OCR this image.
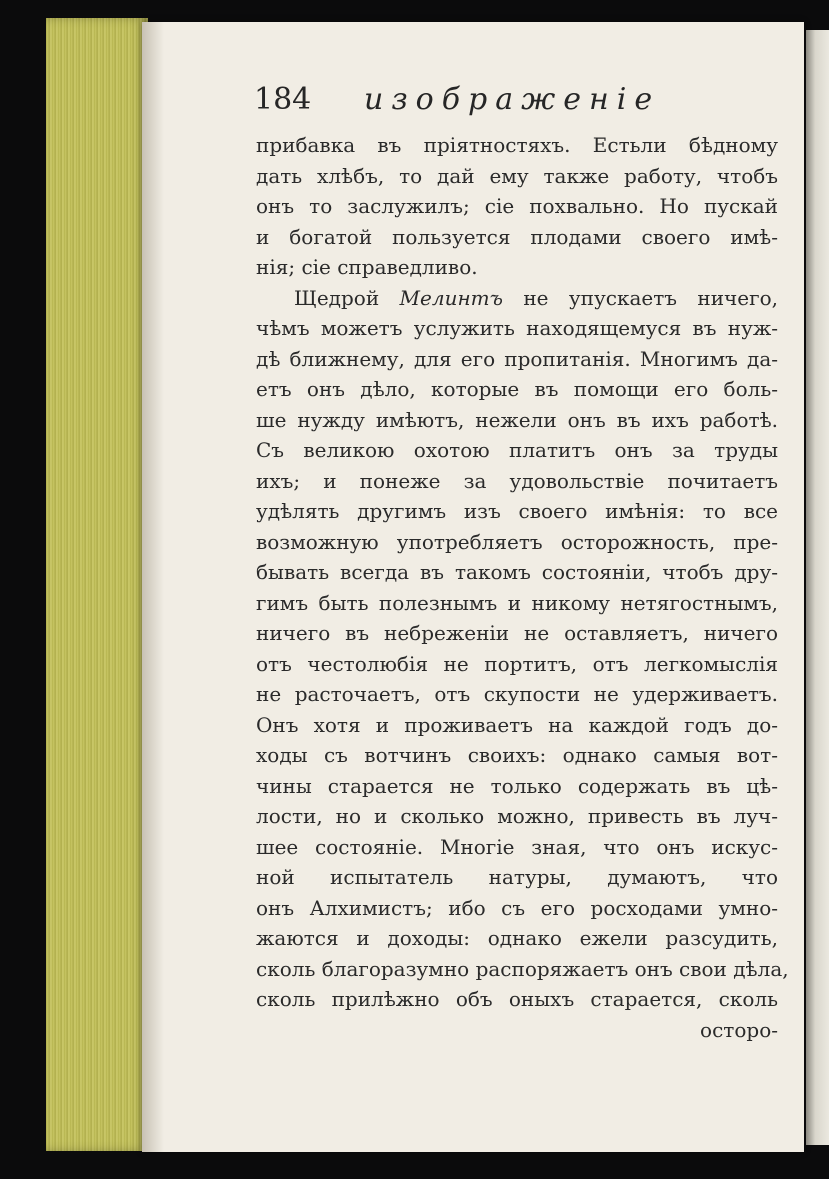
184 изображеніе
прибавка въ пріятностяхъ. Естьли бѣдному
дать хлѣбъ, то дай ему также работу, чтобъ
онъ то заслужилъ; сіе похвально. Но пускай
и богатой пользуется плодами своего имѣ-
нія; сіе справедливо.
Щедрой Мелинтъ не упускаетъ ничего,
чѣмъ можетъ услужить находящемуся въ нуж-
дѣ ближнему, для его пропитанія. Многимъ да-
етъ онъ дѣло, которые въ помощи его боль-
ше нужду имѣютъ, нежели онъ въ ихъ работѣ.
Съ великою охотою платитъ онъ за труды
ихъ; и понеже за удовольствіе почитаетъ
удѣлять другимъ изъ своего имѣнія: то все
возможную употребляетъ осторожность, пре-
бывать всегда въ такомъ состояніи, чтобъ дру-
гимъ быть полезнымъ и никому нетягостнымъ,
ничего въ небреженіи не оставляетъ, ничего
отъ честолюбія не портитъ, отъ легкомыслія
не расточаетъ, отъ скупости не удерживаетъ.
Онъ хотя и проживаетъ на каждой годъ до-
ходы съ вотчинъ своихъ: однако самыя вот-
чины старается не только содержать въ цѣ-
лости, но и сколько можно, привесть въ луч-
шее состояніе. Многіе зная, что онъ искус-
ной испытатель натуры, думаютъ, что
онъ Алхимистъ; ибо съ его росходами умно-
жаются и доходы: однако ежели разсудить,
сколь благоразумно распоряжаетъ онъ свои дѣла,
сколь прилѣжно объ оныхъ старается, сколь
осторо-
